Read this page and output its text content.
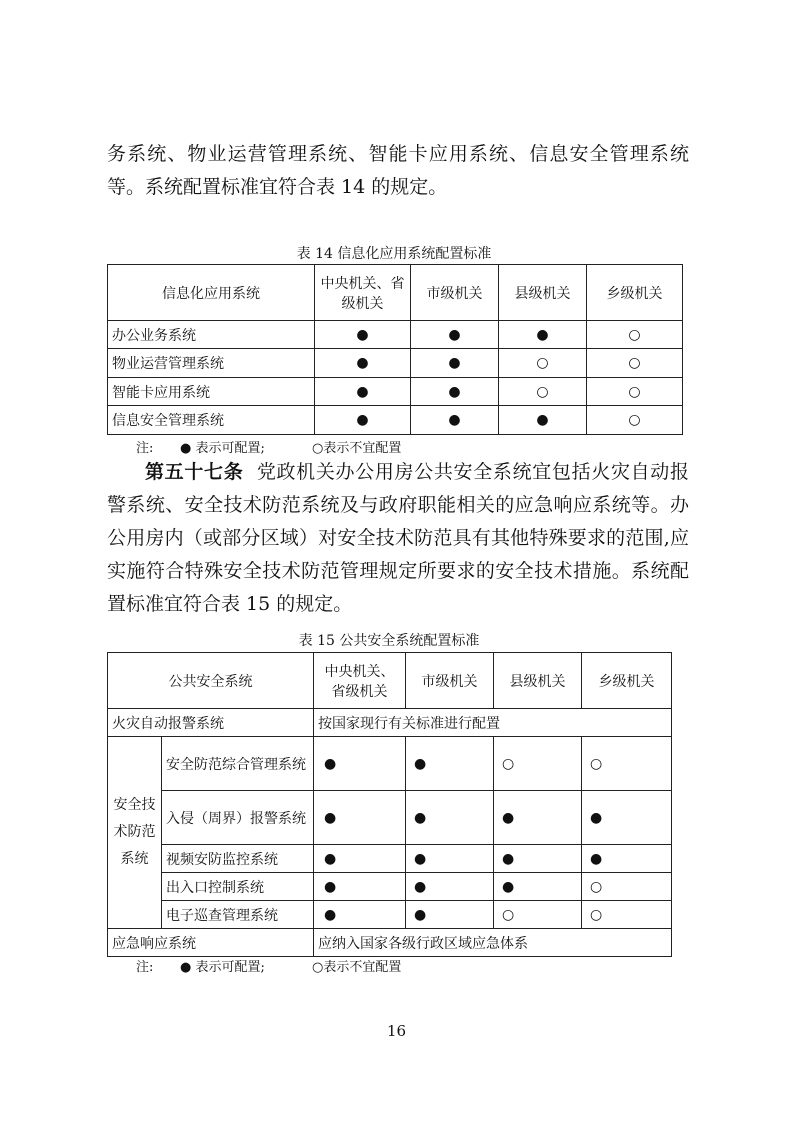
务系统、物业运营管理系统、智能卡应用系统、信息安全管理系统等。系统配置标准宜符合表 14 的规定。

表 14 信息化应用系统配置标准
信息化应用系统	中央机关、省级机关	市级机关	县级机关	乡级机关
办公业务系统	●	●	●	○
物业运营管理系统	●	●	○	○
智能卡应用系统	●	●	○	○
信息安全管理系统	●	●	●	○
注: ● 表示可配置;	○表示不宜配置

第五十七条 党政机关办公用房公共安全系统宜包括火灾自动报警系统、安全技术防范系统及与政府职能相关的应急响应系统等。办公用房内（或部分区域）对安全技术防范具有其他特殊要求的范围,应实施符合特殊安全技术防范管理规定所要求的安全技术措施。系统配置标准宜符合表 15 的规定。

表 15 公共安全系统配置标准
公共安全系统		中央机关、省级机关	市级机关	县级机关	乡级机关
火灾自动报警系统		按国家现行有关标准进行配置			
安全技术防范系统	安全防范综合管理系统	●	●	○	○
	入侵（周界）报警系统	●	●	●	●
	视频安防监控系统	●	●	●	●
	出入口控制系统	●	●	●	○
	电子巡查管理系统	●	●	○	○
应急响应系统		应纳入国家各级行政区域应急体系			
注: ● 表示可配置;	○表示不宜配置
16
